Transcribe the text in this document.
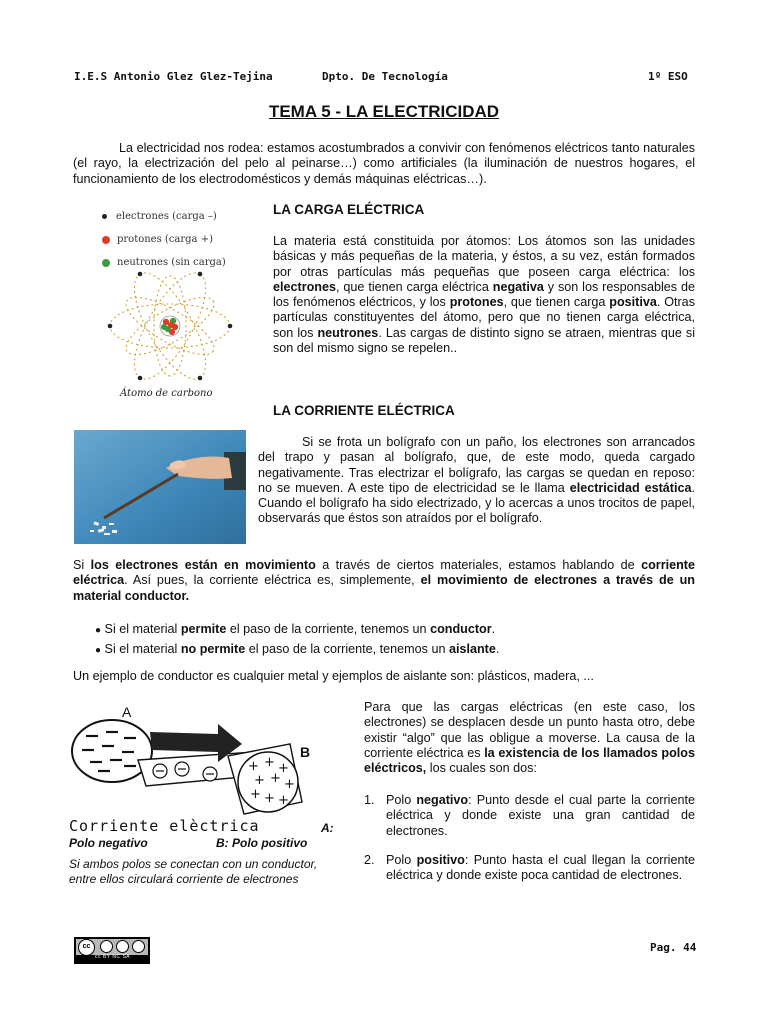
I.E.S Antonio Glez Glez-Tejina	Dpto. De Tecnología	1º ESO
TEMA 5 - LA ELECTRICIDAD
La electricidad nos rodea: estamos acostumbrados a convivir con fenómenos eléctricos tanto naturales (el rayo, la electrización del pelo al peinarse…) como artificiales (la iluminación de nuestros hogares, el funcionamiento de los electrodomésticos y demás máquinas eléctricas…).
electrones (carga –)
protones (carga +)
neutrones (sin carga)
Átomo de carbono
LA CARGA ELÉCTRICA
La materia está constituida por átomos: Los átomos son las unidades básicas y más pequeñas de la materia, y éstos, a su vez, están formados por otras partículas más pequeñas que poseen carga eléctrica: los electrones, que tienen carga eléctrica negativa y son los responsables de los fenómenos eléctricos, y los protones, que tienen carga positiva. Otras partículas constituyentes del átomo, pero que no tienen carga eléctrica, son los neutrones. Las cargas de distinto signo se atraen, mientras que si son del mismo signo se repelen..
LA CORRIENTE ELÉCTRICA
Si se frota un bolígrafo con un paño, los electrones son arrancados del trapo y pasan al bolígrafo, que, de este modo, queda cargado negativamente. Tras electrizar el bolígrafo, las cargas se quedan en reposo: no se mueven. A este tipo de electricidad se le llama electricidad estática. Cuando el bolígrafo ha sido electrizado, y lo acercas a unos trocitos de papel, observarás que éstos son atraídos por el bolígrafo.
Si los electrones están en movimiento a través de ciertos materiales, estamos hablando de corriente eléctrica. Así pues, la corriente eléctrica es, simplemente, el movimiento de electrones a través de un material conductor.
● Si el material permite el paso de la corriente, tenemos un conductor.
● Si el material no permite el paso de la corriente, tenemos un aislante.
Un ejemplo de conductor es cualquier metal y ejemplos de aislante son: plásticos, madera, ...
A
B
+ + +
+ + +
+ + +
Corriente elèctrica	A:
Polo negativo	B: Polo positivo
Si ambos polos se conectan con un conductor, entre ellos circulará corriente de electrones
Para que las cargas eléctricas (en este caso, los electrones) se desplacen desde un punto hasta otro, debe existir “algo” que las obligue a moverse. La causa de la corriente eléctrica es la existencia de los llamados polos eléctricos, los cuales son dos:
1. Polo negativo: Punto desde el cual parte la corriente eléctrica y donde existe una gran cantidad de electrones.
2. Polo positivo: Punto hasta el cual llegan la corriente eléctrica y donde existe poca cantidad de electrones.
cc
cc BY NC SA
Pag. 44
